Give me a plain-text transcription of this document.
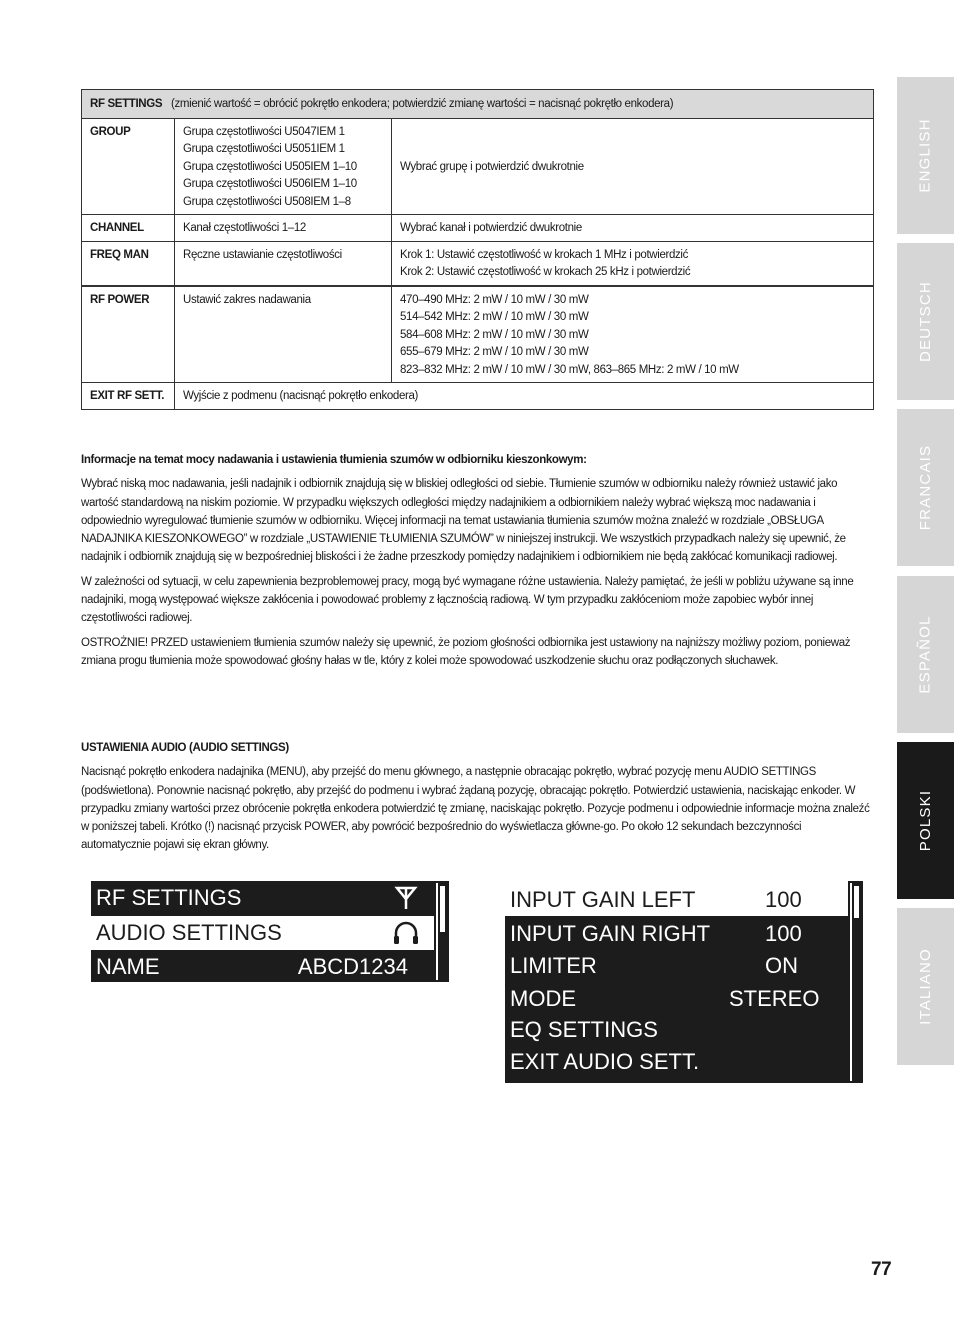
RF SETTINGS (zmienić wartość = obrócić pokrętło enkodera; potwierdzić zmianę wartości = nacisnąć pokrętło enkodera)		
GROUP	Grupa częstotliwości U5047IEM 1
Grupa częstotliwości U5051IEM 1
Grupa częstotliwości U505IEM 1–10
Grupa częstotliwości U506IEM 1–10
Grupa częstotliwości U508IEM 1–8	Wybrać grupę i potwierdzić dwukrotnie

CHANNEL	Kanał częstotliwości 1–12	Wybrać kanał i potwierdzić dwukrotnie

FREQ MAN	Ręczne ustawianie częstotliwości	Krok 1: Ustawić częstotliwość w krokach 1 MHz i potwierdzić
Krok 2: Ustawić częstotliwość w krokach 25 kHz i potwierdzić

RF POWER	Ustawić zakres nadawania	470–490 MHz: 2 mW / 10 mW / 30 mW
514–542 MHz: 2 mW / 10 mW / 30 mW
584–608 MHz: 2 mW / 10 mW / 30 mW
655–679 MHz: 2 mW / 10 mW / 30 mW
823–832 MHz: 2 mW / 10 mW / 30 mW, 863–865 MHz: 2 mW / 10 mW

EXIT RF SETT.	Wyjście z podmenu (nacisnąć pokrętło enkodera)	

Informacje na temat mocy nadawania i ustawienia tłumienia szumów w odbiorniku kieszonkowym:

Wybrać niską moc nadawania, jeśli nadajnik i odbiornik znajdują się w bliskiej odległości od siebie. Tłumienie szumów w odbiorniku należy również ustawić jako wartość standardową na niskim poziomie. W przypadku większych odległości między nadajnikiem a odbiornikiem należy wybrać większą moc nadawania i odpowiednio wyregulować tłumienie szumów w odbiorniku. Więcej informacji na temat ustawiania tłumienia szumów można znaleźć w rozdziale „OBSŁUGA NADAJNIKA KIESZONKOWEGO” w rozdziale „USTAWIENIE TŁUMIENIA SZUMÓW” w niniejszej instrukcji. We wszystkich przypadkach należy się upewnić, że nadajnik i odbiornik znajdują się w bezpośredniej bliskości i że żadne przeszkody pomiędzy nadajnikiem i odbiornikiem nie będą zakłócać komunikacji radiowej.

W zależności od sytuacji, w celu zapewnienia bezproblemowej pracy, mogą być wymagane różne ustawienia. Należy pamiętać, że jeśli w pobliżu używane są inne nadajniki, mogą występować większe zakłócenia i powodować problemy z łącznością radiową. W tym przypadku zakłóceniom może zapobiec wybór innej częstotliwości radiowej.

OSTROŻNIE! PRZED ustawieniem tłumienia szumów należy się upewnić, że poziom głośności odbiornika jest ustawiony na najniższy możliwy poziom, ponieważ zmiana progu tłumienia może spowodować głośny hałas w tle, który z kolei może spowodować uszkodzenie słuchu oraz podłączonych słuchawek.

USTAWIENIA AUDIO (AUDIO SETTINGS)

Nacisnąć pokrętło enkodera nadajnika (MENU), aby przejść do menu głównego, a następnie obracając pokrętło, wybrać pozycję menu AUDIO SETTINGS (podświetlona). Ponownie nacisnąć pokrętło, aby przejść do podmenu i wybrać żądaną pozycję, obracając pokrętło. Potwierdzić ustawienia, naciskając enkoder. W przypadku zmiany wartości przez obrócenie pokrętła enkodera potwierdzić tę zmianę, naciskając pokrętło. Pozycje podmenu i odpowiednie informacje można znaleźć w poniższej tabeli. Krótko (!) nacisnąć przycisk POWER, aby powrócić bezpośrednio do wyświetlacza główne-go. Po około 12 sekundach bezczynności automatycznie pojawi się ekran główny.

RF SETTINGS
AUDIO SETTINGS
NAME	ABCD1234
INPUT GAIN LEFT	100
INPUT GAIN RIGHT 100
LIMITER	ON
MODE	STEREO
EQ SETTINGS
EXIT AUDIO SETT.
ENGLISH
DEUTSCH
FRANCAIS
ESPAÑOL
POLSKI
ITALIANO
77
